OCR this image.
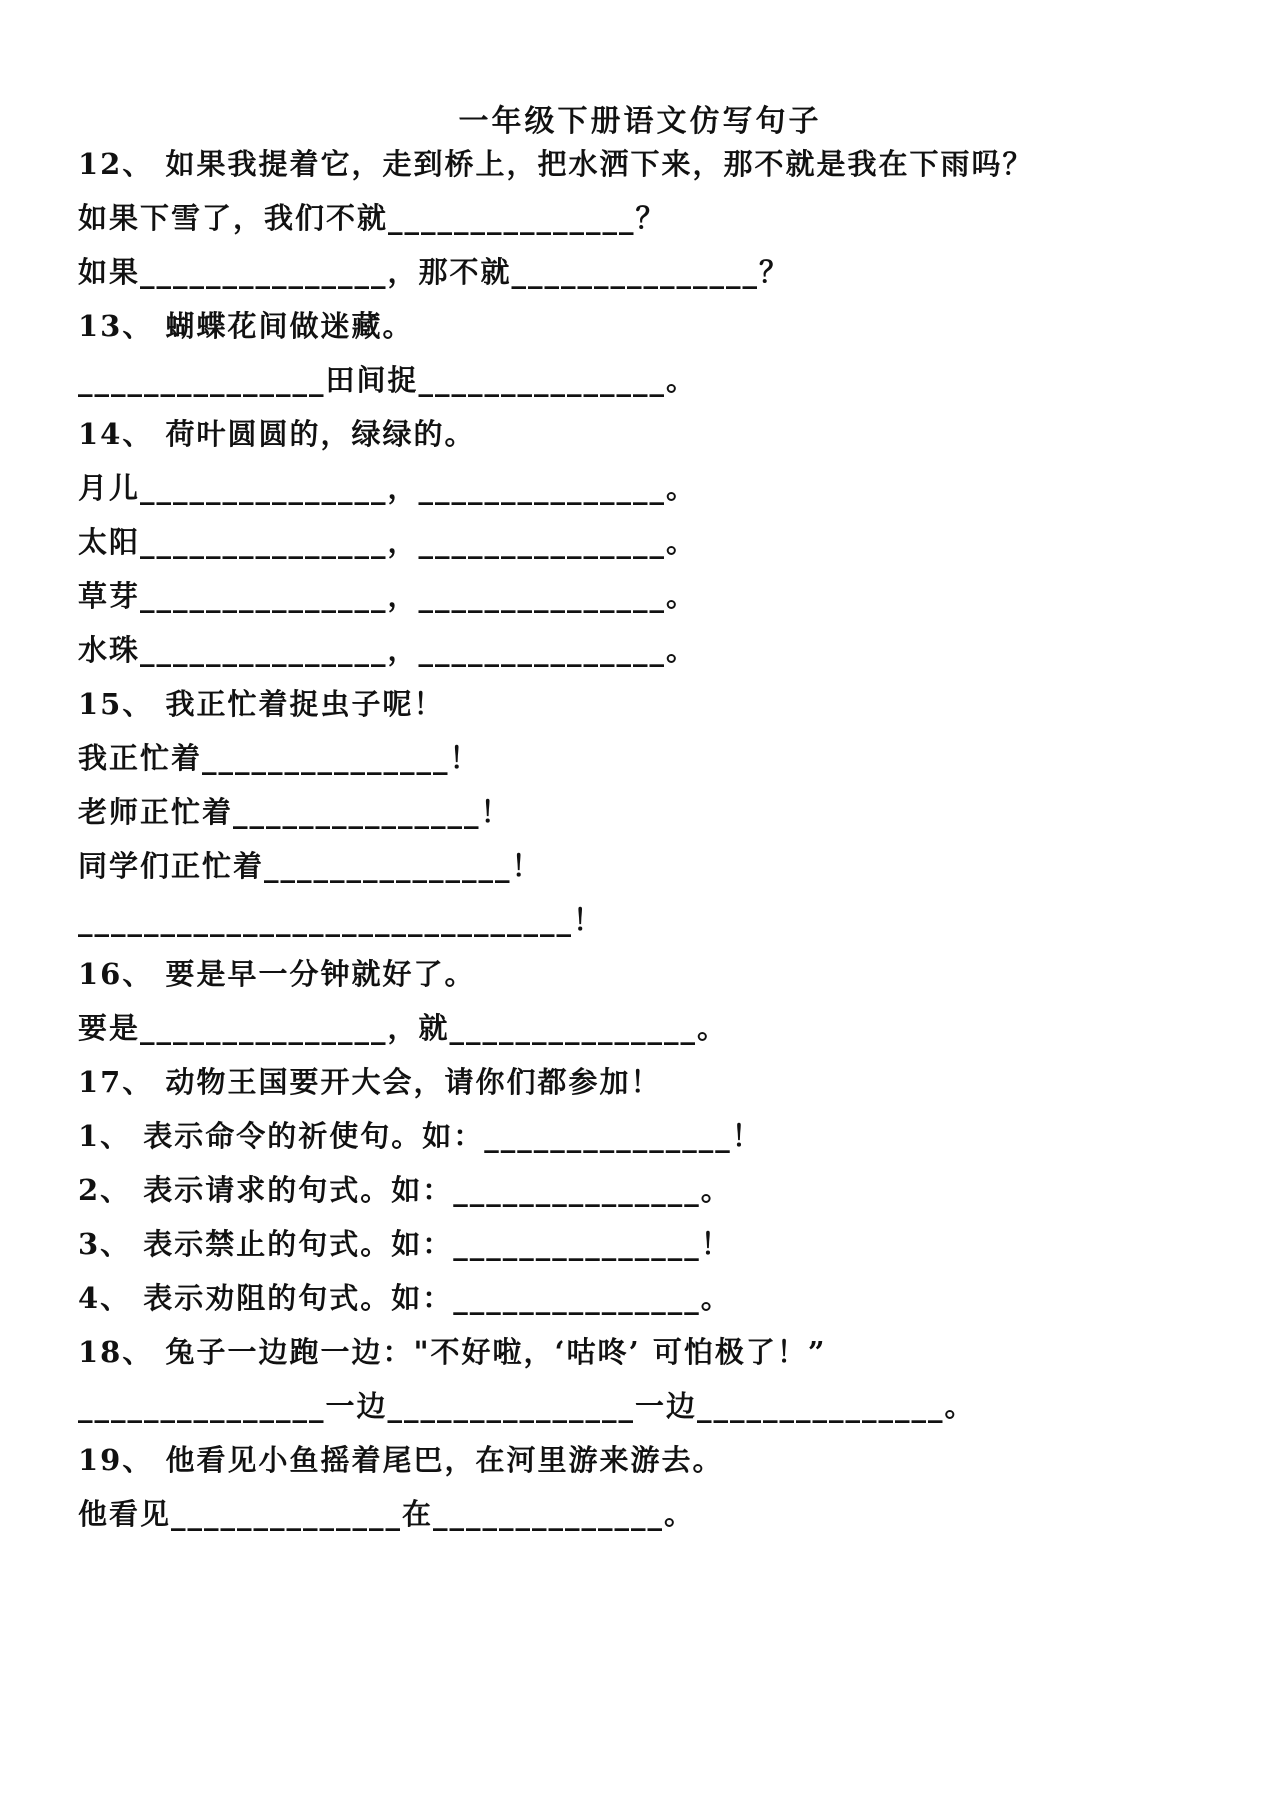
一年级下册语文仿写句子
12、 如果我提着它，走到桥上，把水洒下来，那不就是我在下雨吗？
如果下雪了，我们不就_______________？
如果_______________，那不就_______________？
13、 蝴蝶花间做迷藏。
_______________田间捉_______________。
14、 荷叶圆圆的，绿绿的。
月儿_______________，_______________。
太阳_______________，_______________。
草芽_______________，_______________。
水珠_______________，_______________。
15、 我正忙着捉虫子呢！
我正忙着_______________！
老师正忙着_______________！
同学们正忙着_______________！
______________________________！
16、 要是早一分钟就好了。
要是_______________，就_______________。
17、 动物王国要开大会，请你们都参加！
1、 表示命令的祈使句。如：_______________！
2、 表示请求的句式。如：_______________。
3、 表示禁止的句式。如：_______________！
4、 表示劝阻的句式。如：_______________。
18、 兔子一边跑一边："不好啦，‘咕咚’ 可怕极了！”
_______________一边_______________一边_______________。
19、 他看见小鱼摇着尾巴，在河里游来游去。
他看见______________在______________。
